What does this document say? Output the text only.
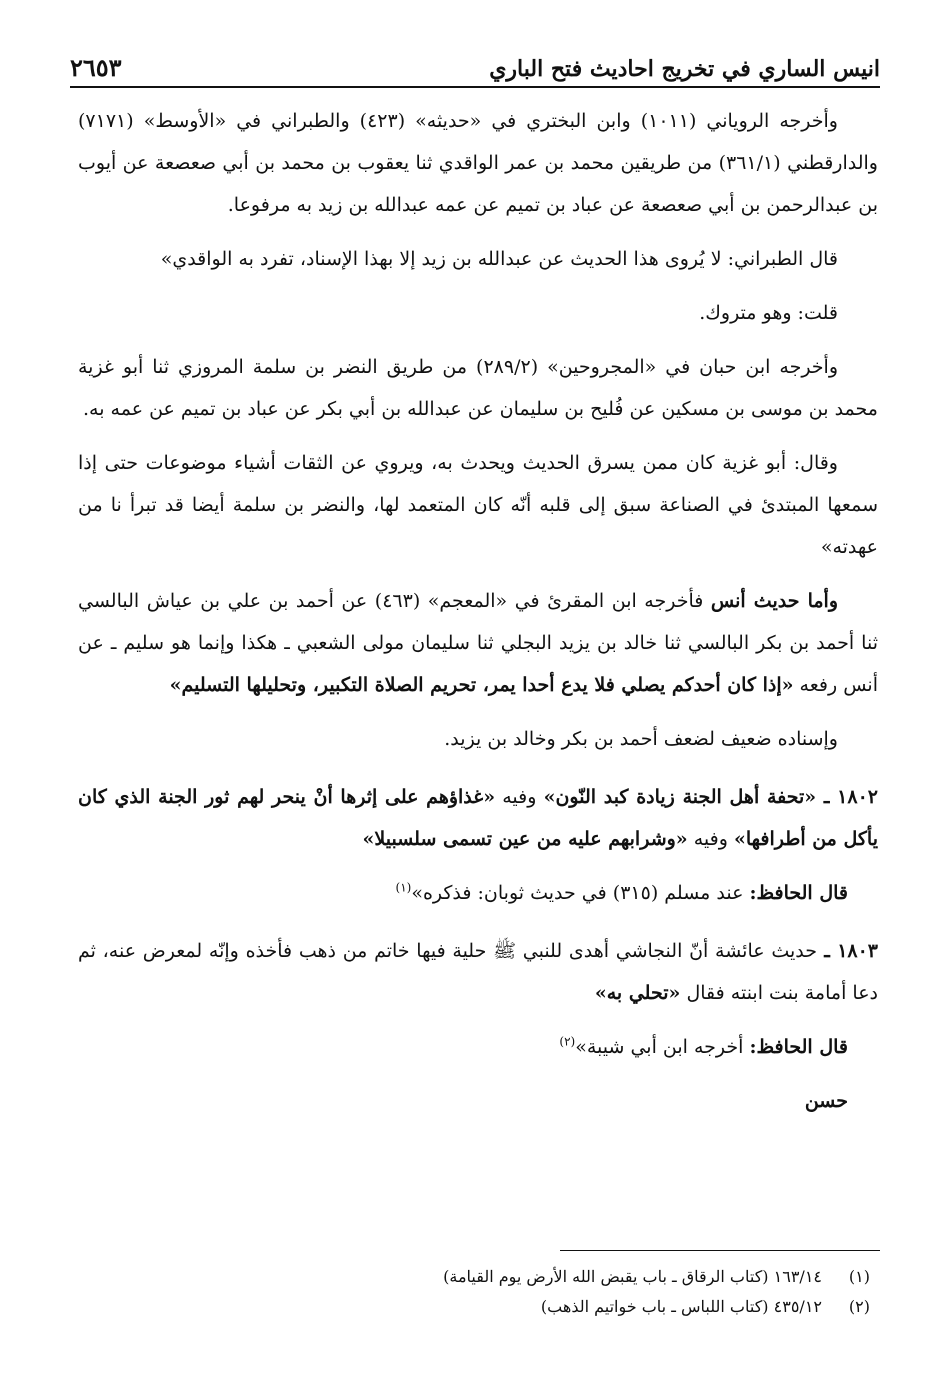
انيس الساري في تخريج احاديث فتح الباري
٢٦٥٣

وأخرجه الروياني (١٠١١) وابن البختري في «حديثه» (٤٢٣) والطبراني في «الأوسط» (٧١٧١) والدارقطني (٣٦١/١) من طريقين محمد بن عمر الواقدي ثنا يعقوب بن محمد بن أبي صعصعة عن أيوب بن عبدالرحمن بن أبي صعصعة عن عباد بن تميم عن عمه عبدالله بن زيد به مرفوعا.

قال الطبراني: لا يُروى هذا الحديث عن عبدالله بن زيد إلا بهذا الإسناد، تفرد به الواقدي»

قلت: وهو متروك.

وأخرجه ابن حبان في «المجروحين» (٢٨٩/٢) من طريق النضر بن سلمة المروزي ثنا أبو غزية محمد بن موسى بن مسكين عن فُليح بن سليمان عن عبدالله بن أبي بكر عن عباد بن تميم عن عمه به.

وقال: أبو غزية كان ممن يسرق الحديث ويحدث به، ويروي عن الثقات أشياء موضوعات حتى إذا سمعها المبتدئ في الصناعة سبق إلى قلبه أنّه كان المتعمد لها، والنضر بن سلمة أيضا قد تبرأ نا من عهدته»

وأما حديث أنس فأخرجه ابن المقرئ في «المعجم» (٤٦٣) عن أحمد بن علي بن عياش البالسي ثنا أحمد بن بكر البالسي ثنا خالد بن يزيد البجلي ثنا سليمان مولى الشعبي ـ هكذا وإنما هو سليم ـ عن أنس رفعه «إذا كان أحدكم يصلي فلا يدع أحدا يمر، تحريم الصلاة التكبير، وتحليلها التسليم»

وإسناده ضعيف لضعف أحمد بن بكر وخالد بن يزيد.

١٨٠٢ ـ «تحفة أهل الجنة زيادة كبد النّون» وفيه «غذاؤهم على إثرها أنْ ينحر لهم ثور الجنة الذي كان يأكل من أطرافها» وفيه «وشرابهم عليه من عين تسمى سلسبيلا»

قال الحافظ: عند مسلم (٣١٥) في حديث ثوبان: فذكره»$^{(١)}$

١٨٠٣ ـ حديث عائشة أنّ النجاشي أهدى للنبي ﷺ حلية فيها خاتم من ذهب فأخذه وإنّه لمعرض عنه، ثم دعا أمامة بنت ابنته فقال «تحلي به»

قال الحافظ: أخرجه ابن أبي شيبة»$^{(٢)}$

حسن

(١)١٦٣/١٤ (كتاب الرقاق ـ باب يقبض الله الأرض يوم القيامة)
(٢)٤٣٥/١٢ (كتاب اللباس ـ باب خواتيم الذهب)
